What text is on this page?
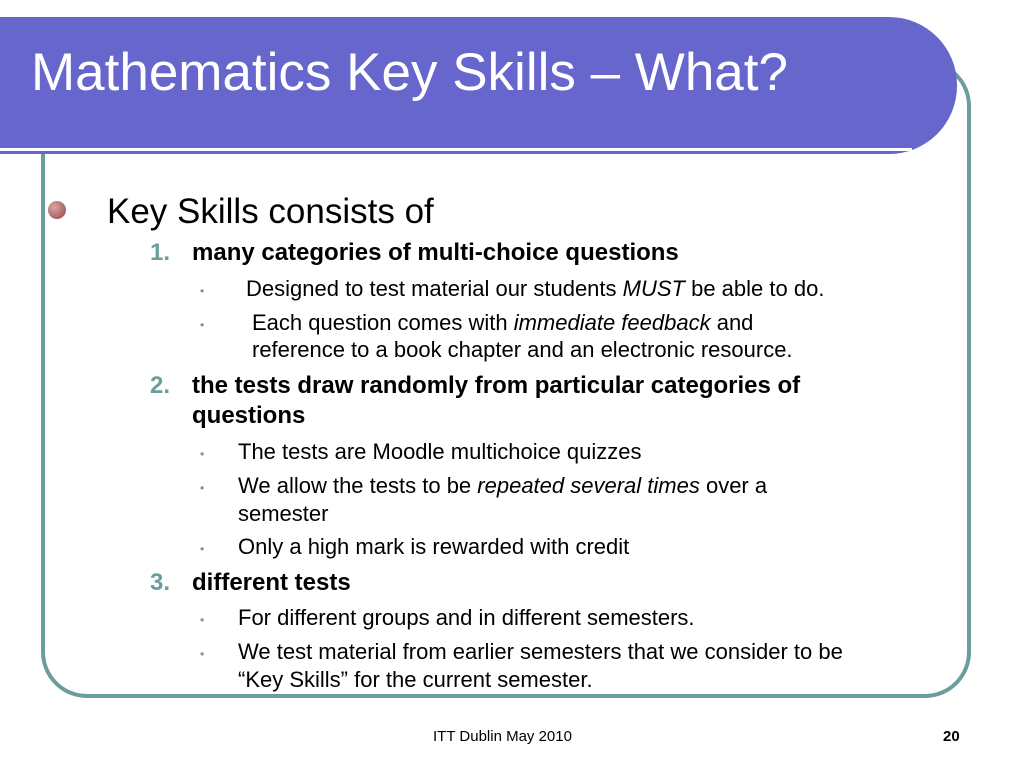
Mathematics Key Skills – What?
Key Skills consists of
1. many categories of multi-choice questions
• Designed to test material our students MUST be able to do.
• Each question comes with immediate feedback and
reference to a book chapter and an electronic resource.
2. the tests draw randomly from particular categories of
questions
• The tests are Moodle multichoice quizzes
• We allow the tests to be repeated several times over a
semester
• Only a high mark is rewarded with credit
3. different tests
• For different groups and in different semesters.
• We test material from earlier semesters that we consider to be
“Key Skills” for the current semester.
ITT Dublin May 2010	20
